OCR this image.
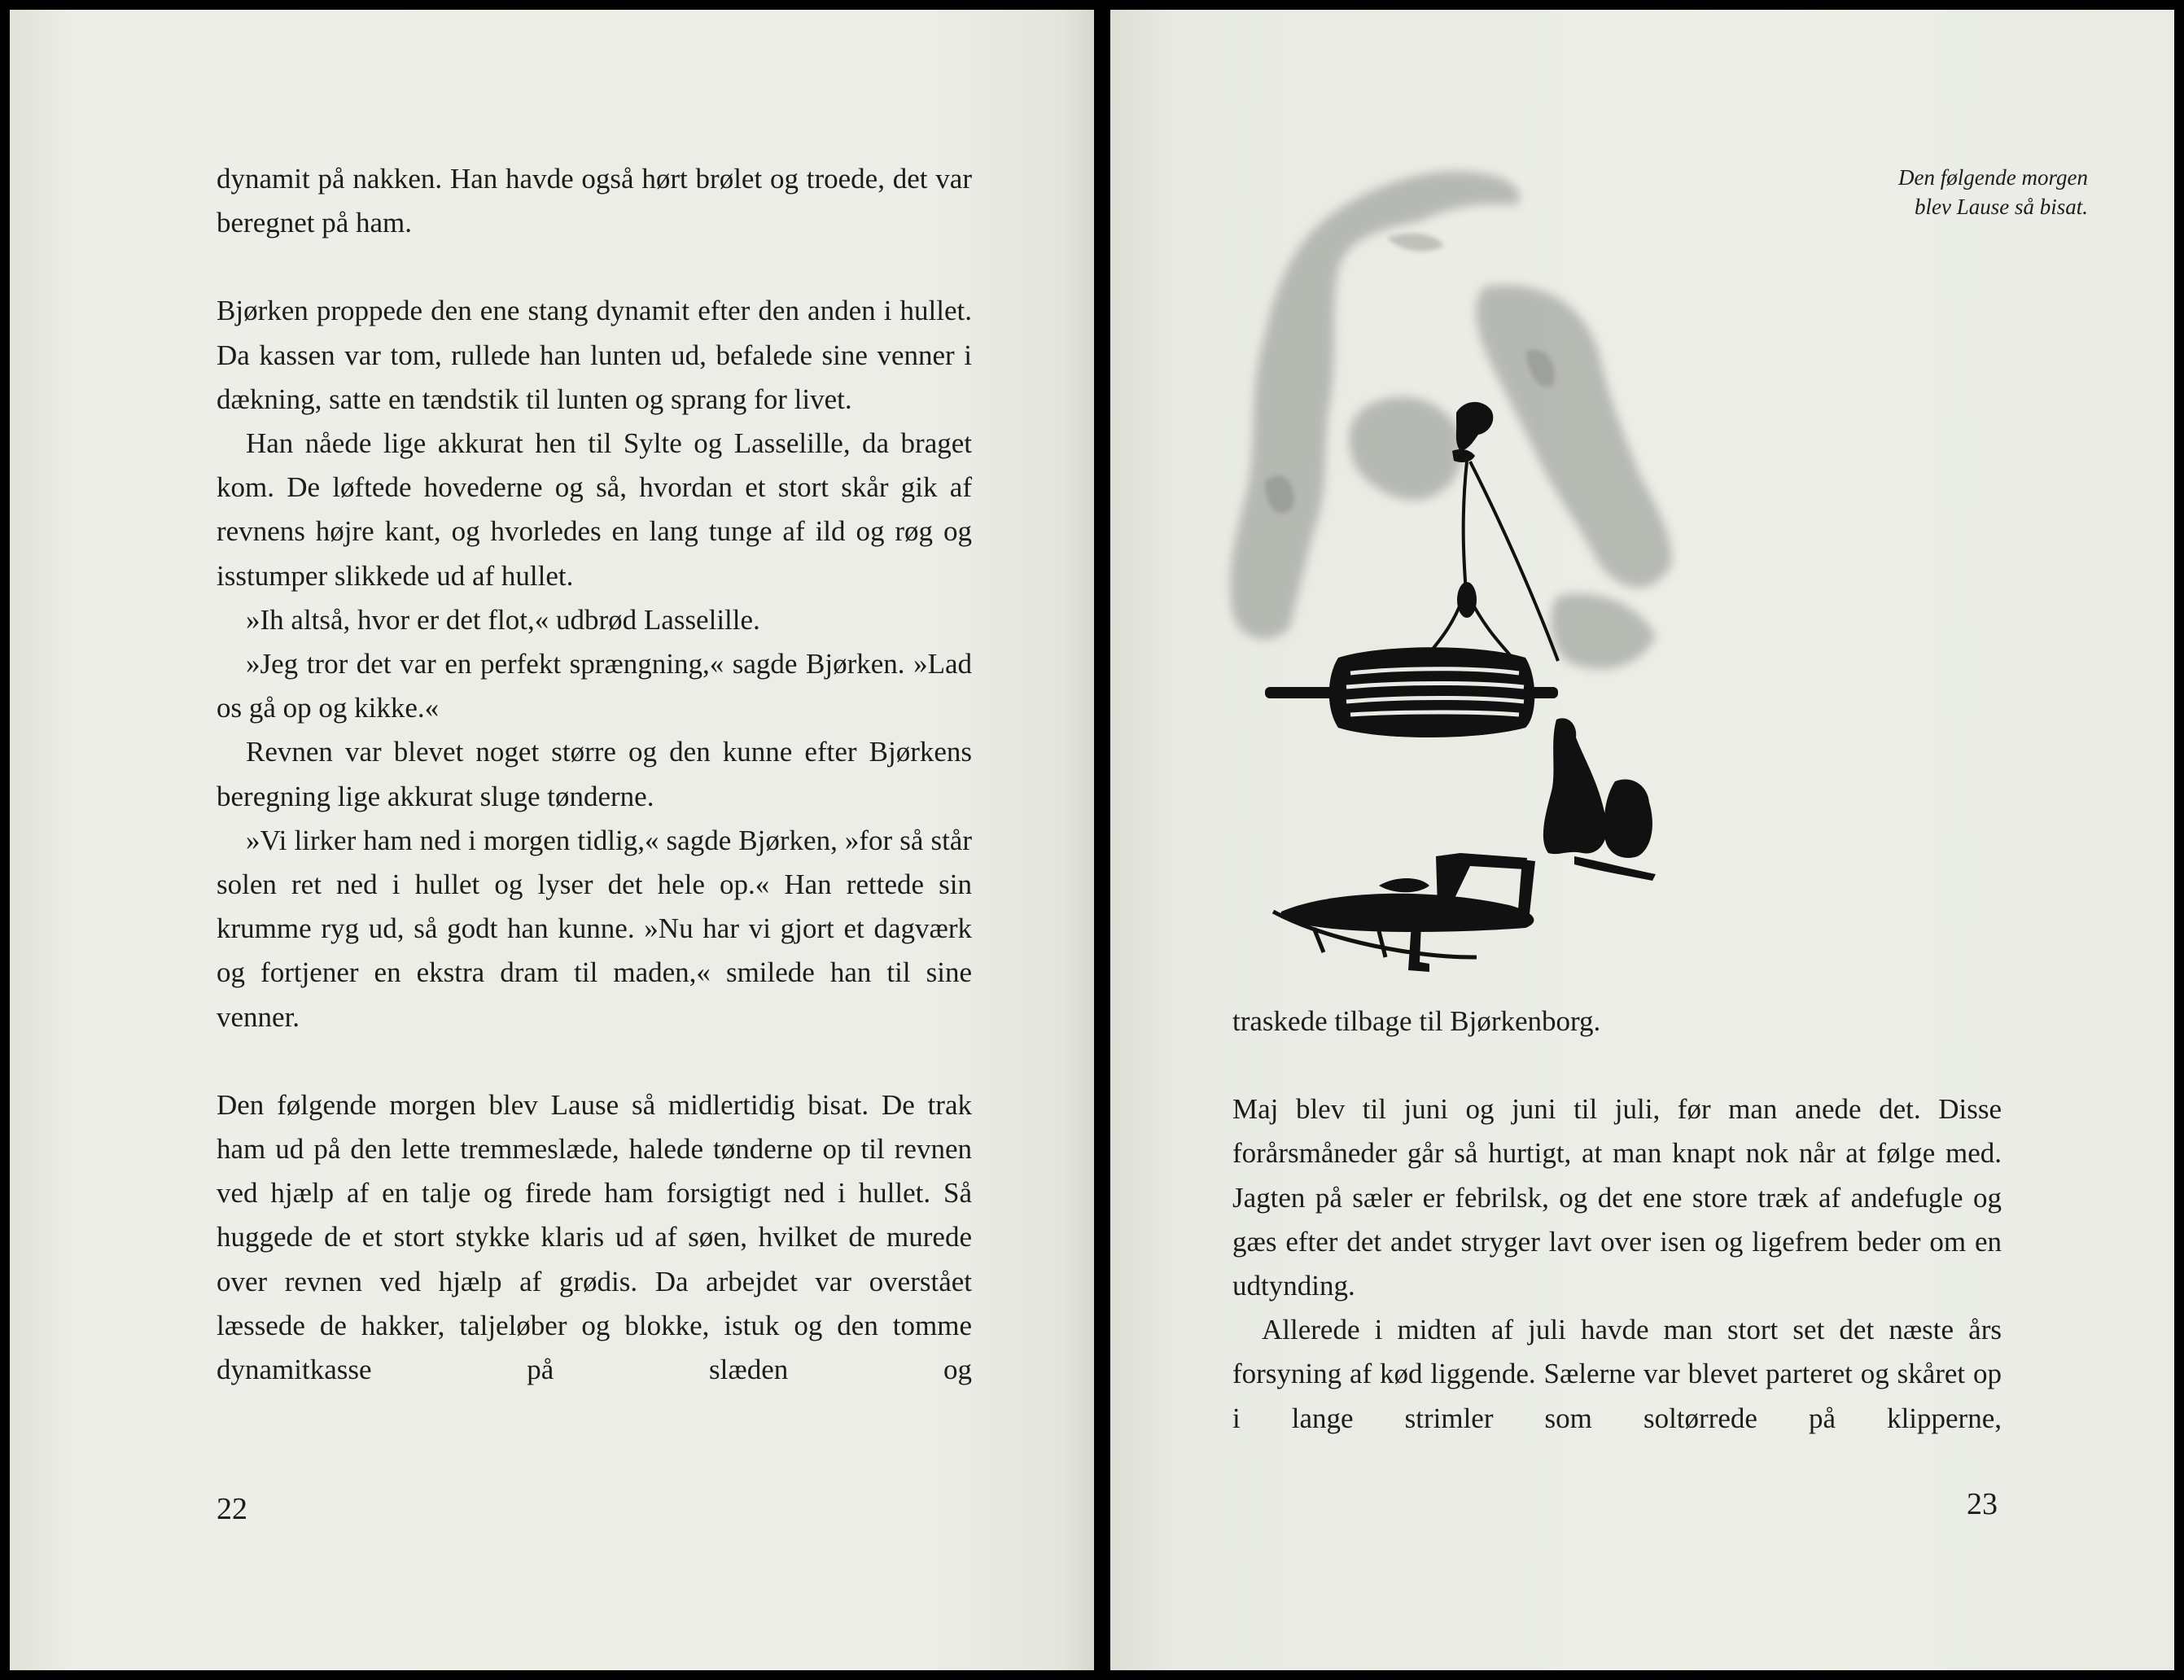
dynamit på nakken. Han havde også hørt brølet og troede, det var beregnet på ham.

Bjørken proppede den ene stang dynamit efter den anden i hullet. Da kassen var tom, rullede han lunten ud, befalede sine venner i dækning, satte en tændstik til lunten og sprang for livet.

Han nåede lige akkurat hen til Sylte og Lasselille, da braget kom. De løftede hovederne og så, hvordan et stort skår gik af revnens højre kant, og hvorledes en lang tunge af ild og røg og isstumper slikkede ud af hullet.

»Ih altså, hvor er det flot,« udbrød Lasselille.

»Jeg tror det var en perfekt sprængning,« sagde Bjørken. »Lad os gå op og kikke.«

Revnen var blevet noget større og den kunne efter Bjørkens beregning lige akkurat sluge tønderne.

»Vi lirker ham ned i morgen tidlig,« sagde Bjørken, »for så står solen ret ned i hullet og lyser det hele op.« Han rettede sin krumme ryg ud, så godt han kunne. »Nu har vi gjort et dagværk og fortjener en ekstra dram til maden,« smilede han til sine venner.

Den følgende morgen blev Lause så midlertidig bisat. De trak ham ud på den lette tremmeslæde, halede tønderne op til revnen ved hjælp af en talje og firede ham forsigtigt ned i hullet. Så huggede de et stort stykke klaris ud af søen, hvilket de murede over revnen ved hjælp af grødis. Da arbejdet var overstået læssede de hakker, taljeløber og blokke, istuk og den tomme dynamitkasse på slæden og

22
Den følgende morgen
blev Lause så bisat.

traskede tilbage til Bjørkenborg.

Maj blev til juni og juni til juli, før man anede det. Disse forårsmåneder går så hurtigt, at man knapt nok når at følge med. Jagten på sæler er febrilsk, og det ene store træk af andefugle og gæs efter det andet stryger lavt over isen og ligefrem beder om en udtynding.

Allerede i midten af juli havde man stort set det næste års forsyning af kød liggende. Sælerne var blevet parteret og skåret op i lange strimler som soltørrede på klipperne,

23
